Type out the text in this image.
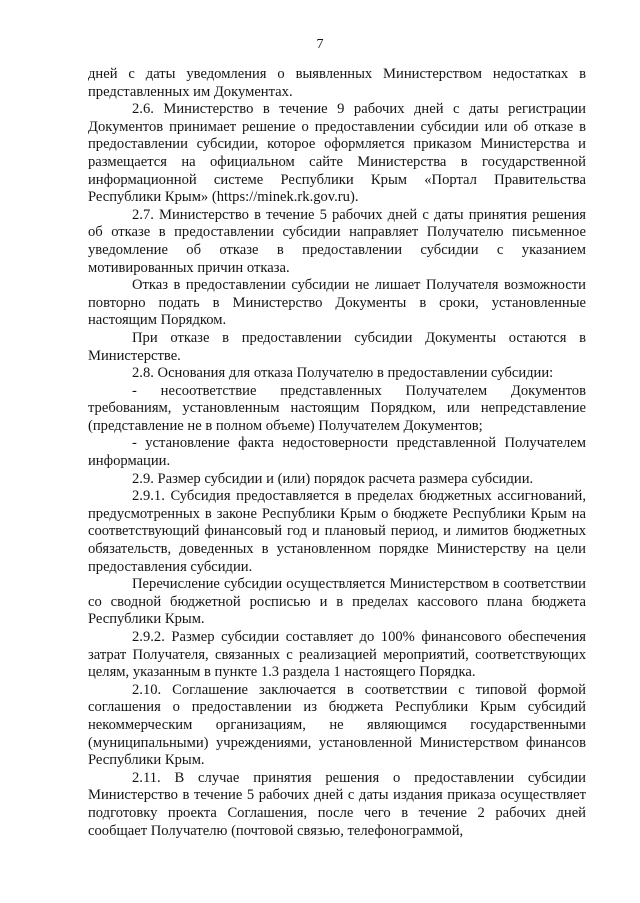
7

дней с даты уведомления о выявленных Министерством недостатках в представленных им Документах.

2.6. Министерство в течение 9 рабочих дней с даты регистрации Документов принимает решение о предоставлении субсидии или об отказе в предоставлении субсидии, которое оформляется приказом Министерства и размещается на официальном сайте Министерства в государственной информационной системе Республики Крым «Портал Правительства Республики Крым» (https://minek.rk.gov.ru).

2.7. Министерство в течение 5 рабочих дней с даты принятия решения об отказе в предоставлении субсидии направляет Получателю письменное уведомление об отказе в предоставлении субсидии с указанием мотивированных причин отказа.

Отказ в предоставлении субсидии не лишает Получателя возможности повторно подать в Министерство Документы в сроки, установленные настоящим Порядком.

При отказе в предоставлении субсидии Документы остаются в Министерстве.

2.8. Основания для отказа Получателю в предоставлении субсидии:

- несоответствие представленных Получателем Документов требованиям, установленным настоящим Порядком, или непредставление (представление не в полном объеме) Получателем Документов;

- установление факта недостоверности представленной Получателем информации.

2.9. Размер субсидии и (или) порядок расчета размера субсидии.

2.9.1. Субсидия предоставляется в пределах бюджетных ассигнований, предусмотренных в законе Республики Крым о бюджете Республики Крым на соответствующий финансовый год и плановый период, и лимитов бюджетных обязательств, доведенных в установленном порядке Министерству на цели предоставления субсидии.

Перечисление субсидии осуществляется Министерством в соответствии со сводной бюджетной росписью и в пределах кассового плана бюджета Республики Крым.

2.9.2. Размер субсидии составляет до 100% финансового обеспечения затрат Получателя, связанных с реализацией мероприятий, соответствующих целям, указанным в пункте 1.3 раздела 1 настоящего Порядка.

2.10. Соглашение заключается в соответствии с типовой формой соглашения о предоставлении из бюджета Республики Крым субсидий некоммерческим организациям, не являющимся государственными (муниципальными) учреждениями, установленной Министерством финансов Республики Крым.

2.11. В случае принятия решения о предоставлении субсидии Министерство в течение 5 рабочих дней с даты издания приказа осуществляет подготовку проекта Соглашения, после чего в течение 2 рабочих дней сообщает Получателю (почтовой связью, телефонограммой,
